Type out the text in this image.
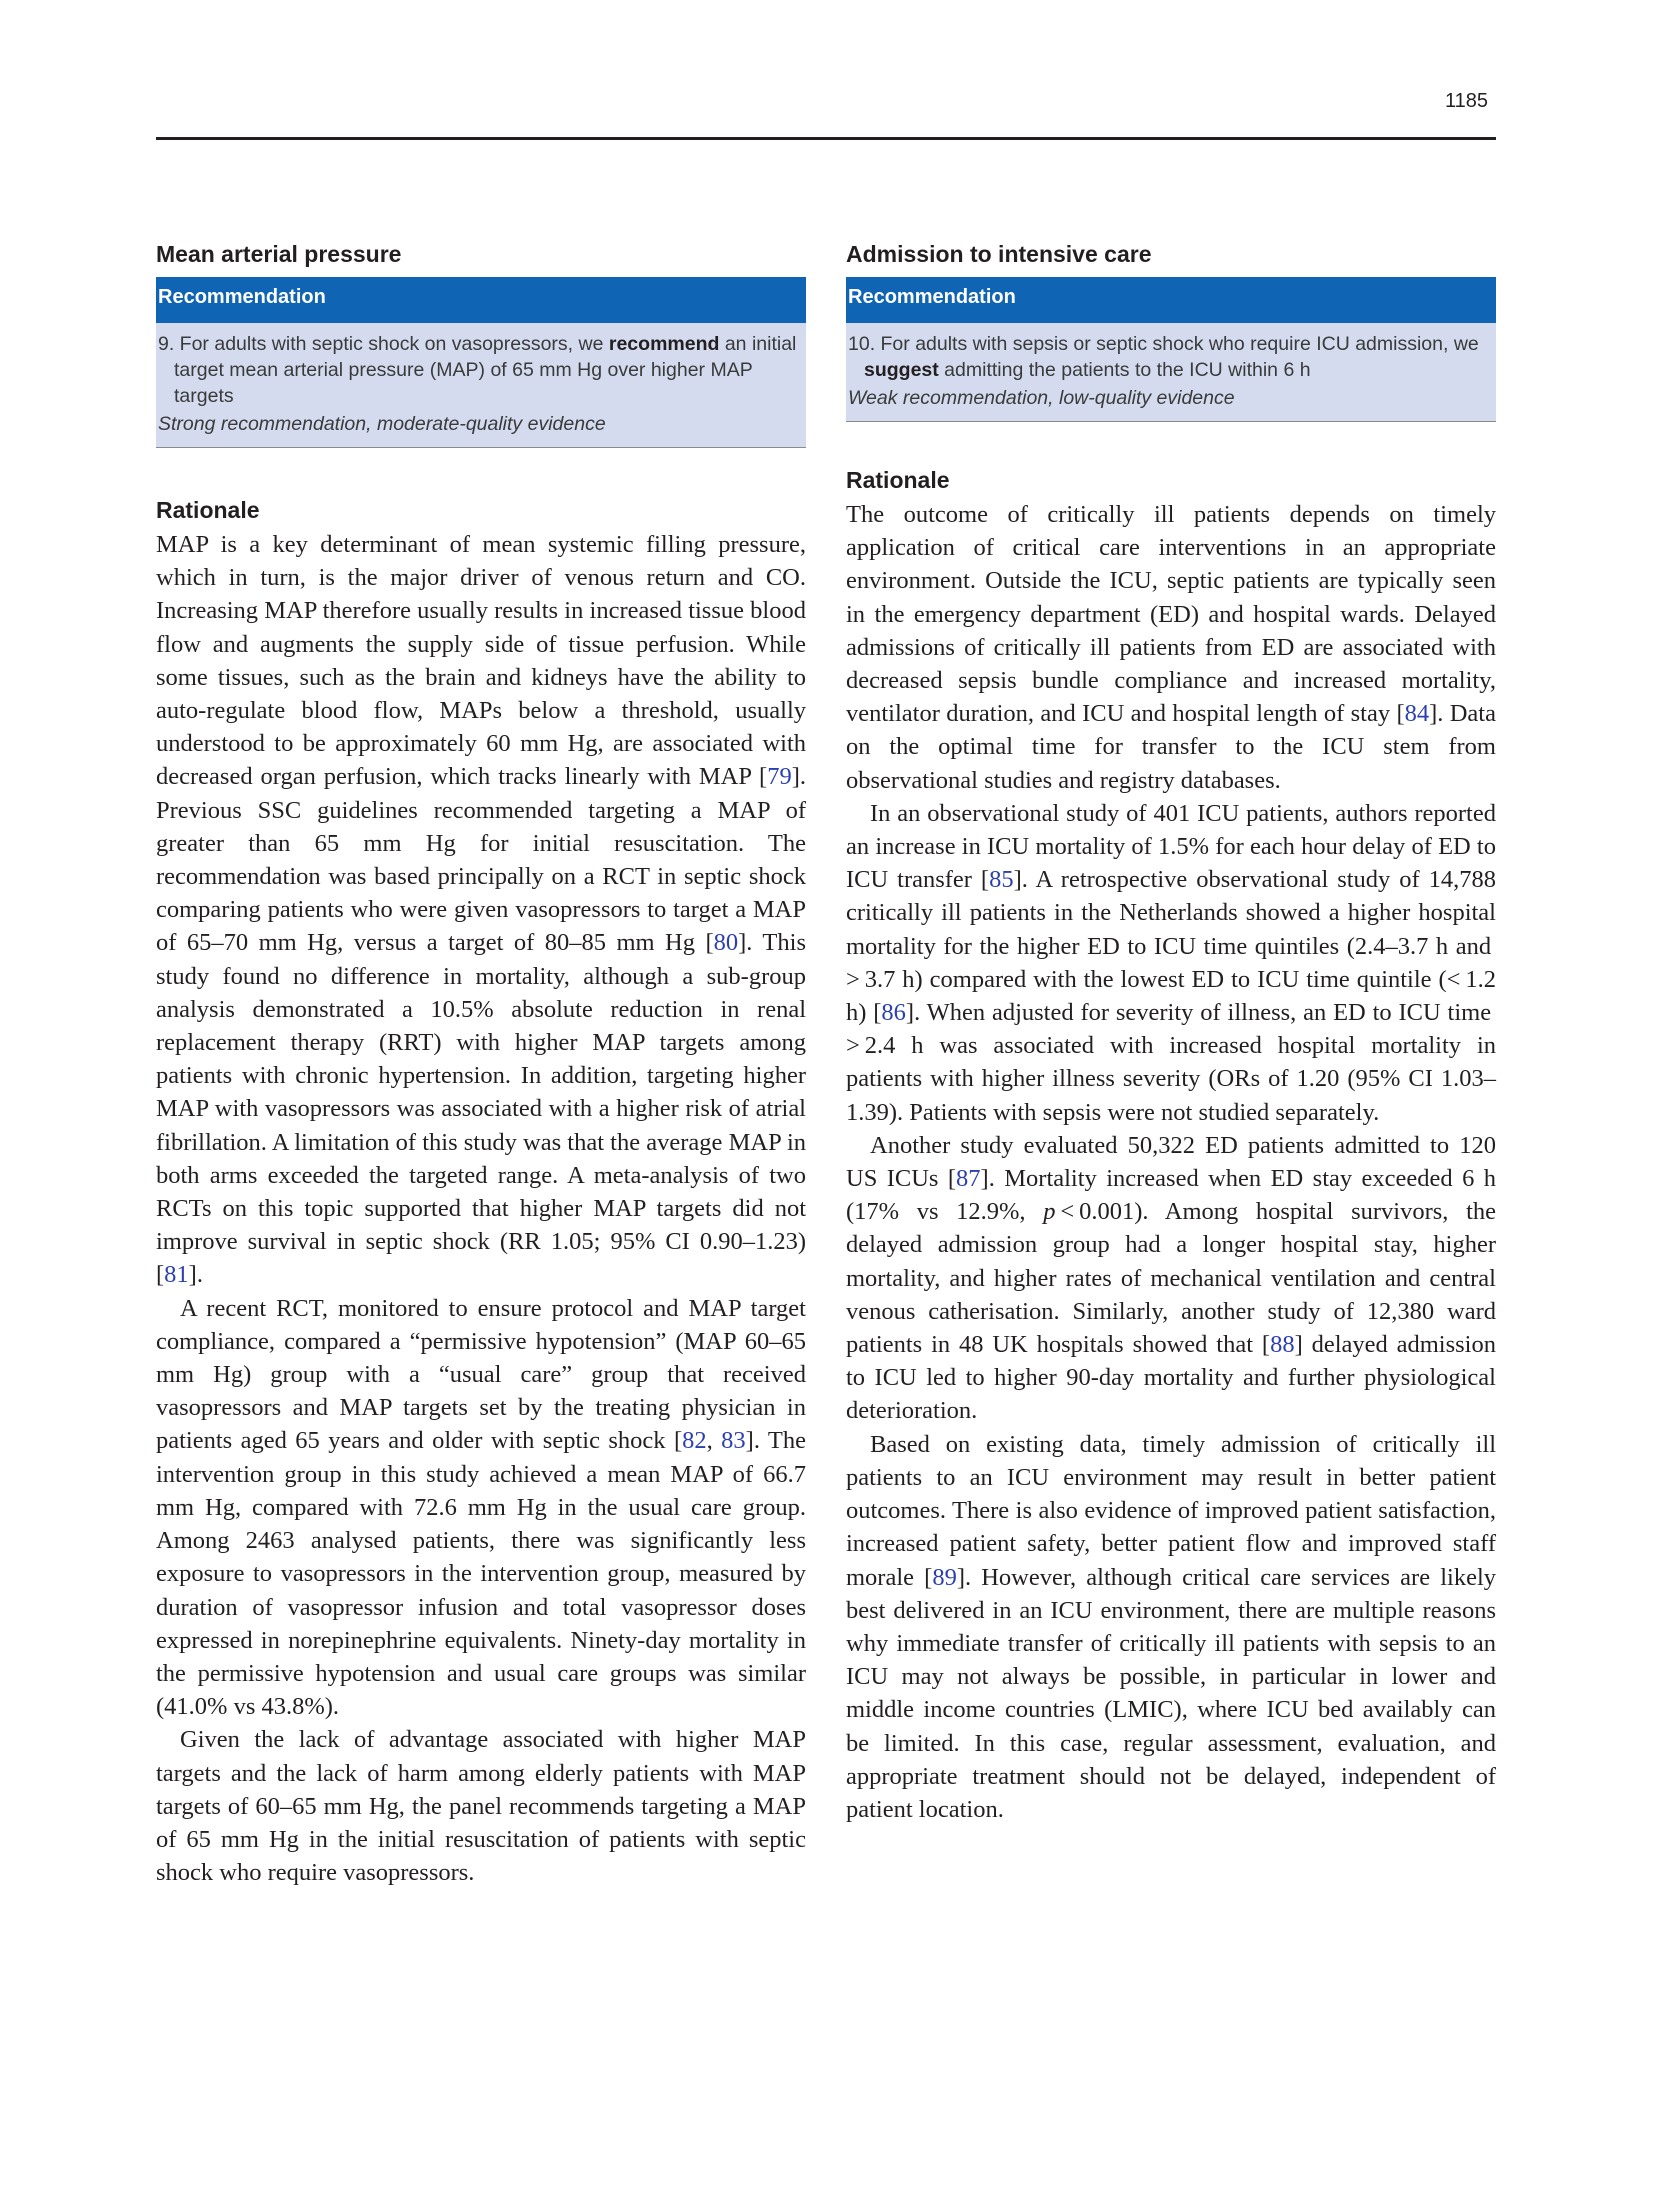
1185
Mean arterial pressure
Recommendation
9. For adults with septic shock on vasopressors, we recommend an initial target mean arterial pressure (MAP) of 65 mm Hg over higher MAP targets
Strong recommendation, moderate-quality evidence
Rationale

MAP is a key determinant of mean systemic filling pressure, which in turn, is the major driver of venous return and CO. Increasing MAP therefore usually results in increased tissue blood flow and augments the supply side of tissue perfusion. While some tissues, such as the brain and kidneys have the ability to auto-regulate blood flow, MAPs below a threshold, usually understood to be approximately 60 mm Hg, are associated with decreased organ perfusion, which tracks linearly with MAP [79]. Previous SSC guidelines recommended targeting a MAP of greater than 65 mm Hg for initial resuscitation. The recommendation was based principally on a RCT in septic shock comparing patients who were given vasopressors to target a MAP of 65–70 mm Hg, versus a target of 80–85 mm Hg [80]. This study found no difference in mortality, although a sub-group analysis demonstrated a 10.5% absolute reduction in renal replacement therapy (RRT) with higher MAP targets among patients with chronic hypertension. In addition, targeting higher MAP with vasopressors was associated with a higher risk of atrial fibrillation. A limitation of this study was that the average MAP in both arms exceeded the targeted range. A meta-analysis of two RCTs on this topic supported that higher MAP targets did not improve survival in septic shock (RR 1.05; 95% CI 0.90–1.23) [81].

A recent RCT, monitored to ensure protocol and MAP target compliance, compared a “permissive hypotension” (MAP 60–65 mm Hg) group with a “usual care” group that received vasopressors and MAP targets set by the treating physician in patients aged 65 years and older with septic shock [82, 83]. The intervention group in this study achieved a mean MAP of 66.7 mm Hg, compared with 72.6 mm Hg in the usual care group. Among 2463 analysed patients, there was significantly less exposure to vasopressors in the intervention group, measured by duration of vasopressor infusion and total vasopressor doses expressed in norepinephrine equivalents. Ninety-day mortality in the permissive hypotension and usual care groups was similar (41.0% vs 43.8%).

Given the lack of advantage associated with higher MAP targets and the lack of harm among elderly patients with MAP targets of 60–65 mm Hg, the panel recommends targeting a MAP of 65 mm Hg in the initial resuscitation of patients with septic shock who require vasopressors.

Admission to intensive care
Recommendation
10. For adults with sepsis or septic shock who require ICU admission, we suggest admitting the patients to the ICU within 6 h
Weak recommendation, low-quality evidence
Rationale

The outcome of critically ill patients depends on timely application of critical care interventions in an appropriate environment. Outside the ICU, septic patients are typically seen in the emergency department (ED) and hospital wards. Delayed admissions of critically ill patients from ED are associated with decreased sepsis bundle compliance and increased mortality, ventilator duration, and ICU and hospital length of stay [84]. Data on the optimal time for transfer to the ICU stem from observational studies and registry databases.

In an observational study of 401 ICU patients, authors reported an increase in ICU mortality of 1.5% for each hour delay of ED to ICU transfer [85]. A retrospective observational study of 14,788 critically ill patients in the Netherlands showed a higher hospital mortality for the higher ED to ICU time quintiles (2.4–3.7 h and > 3.7 h) compared with the lowest ED to ICU time quintile (< 1.2 h) [86]. When adjusted for severity of illness, an ED to ICU time > 2.4 h was associated with increased hospital mortality in patients with higher illness severity (ORs of 1.20 (95% CI 1.03–1.39). Patients with sepsis were not studied separately.

Another study evaluated 50,322 ED patients admitted to 120 US ICUs [87]. Mortality increased when ED stay exceeded 6 h (17% vs 12.9%, p < 0.001). Among hospital survivors, the delayed admission group had a longer hospital stay, higher mortality, and higher rates of mechanical ventilation and central venous catherisation. Similarly, another study of 12,380 ward patients in 48 UK hospitals showed that [88] delayed admission to ICU led to higher 90-day mortality and further physiological deterioration.

Based on existing data, timely admission of critically ill patients to an ICU environment may result in better patient outcomes. There is also evidence of improved patient satisfaction, increased patient safety, better patient flow and improved staff morale [89]. However, although critical care services are likely best delivered in an ICU environment, there are multiple reasons why immediate transfer of critically ill patients with sepsis to an ICU may not always be possible, in particular in lower and middle income countries (LMIC), where ICU bed availably can be limited. In this case, regular assessment, evaluation, and appropriate treatment should not be delayed, independent of patient location.
